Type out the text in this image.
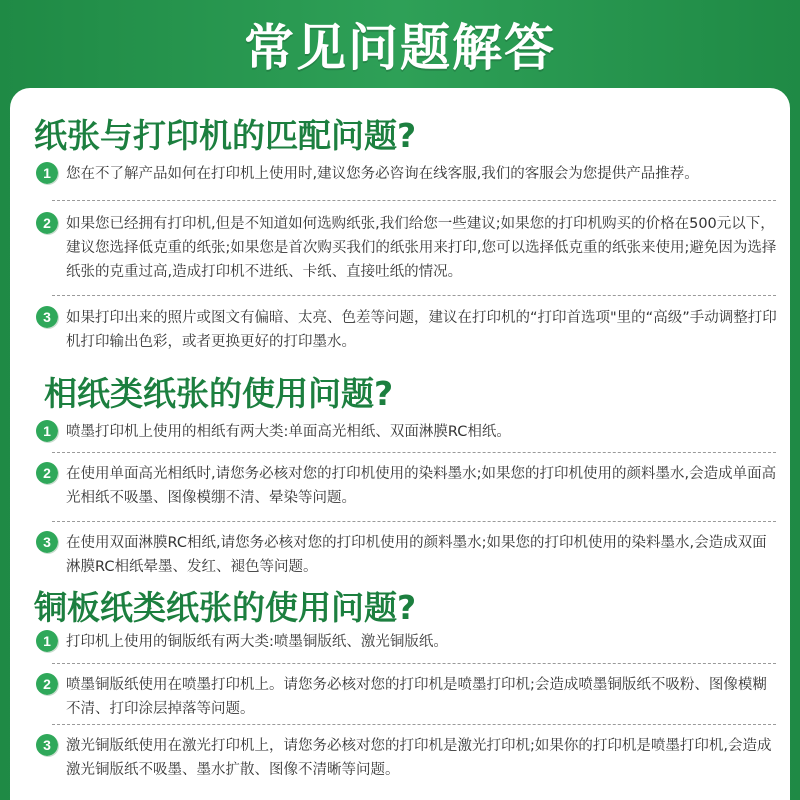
常见问题解答
纸张与打印机的匹配问题?
1	您在不了解产品如何在打印机上使用时,建议您务必咨询在线客服,我们的客服会为您提供产品推荐。
2	如果您已经拥有打印机,但是不知道如何选购纸张,我们给您一些建议;如果您的打印机购买的价格在500元以下，建议您选择低克重的纸张;如果您是首次购买我们的纸张用来打印,您可以选择低克重的纸张来使用;避免因为选择纸张的克重过高,造成打印机不进纸、卡纸、直接吐纸的情况。
3	如果打印出来的照片或图文有偏暗、太亮、色差等问题，建议在打印机的“打印首选项"里的“高级”手动调整打印机打印输出色彩，或者更换更好的打印墨水。
相纸类纸张的使用问题?
1	喷墨打印机上使用的相纸有两大类:单面高光相纸、双面淋膜RC相纸。
2	在使用单面高光相纸时,请您务必核对您的打印机使用的染料墨水;如果您的打印机使用的颜料墨水,会造成单面高光相纸不吸墨、图像模绷不清、晕染等问题。
3	在使用双面淋膜RC相纸,请您务必核对您的打印机使用的颜料墨水;如果您的打印机使用的染料墨水,会造成双面淋膜RC相纸晕墨、发红、褪色等问题。
铜板纸类纸张的使用问题?
1	打印机上使用的铜版纸有两大类:喷墨铜版纸、激光铜版纸。
2	喷墨铜版纸使用在喷墨打印机上。请您务必核对您的打印机是喷墨打印机;会造成喷墨铜版纸不吸粉、图像模糊不清、打印涂层掉落等问题。
3	激光铜版纸使用在激光打印机上，请您务必核对您的打印机是激光打印机;如果你的打印机是喷墨打印机,会造成激光铜版纸不吸墨、墨水扩散、图像不清晰等问题。
